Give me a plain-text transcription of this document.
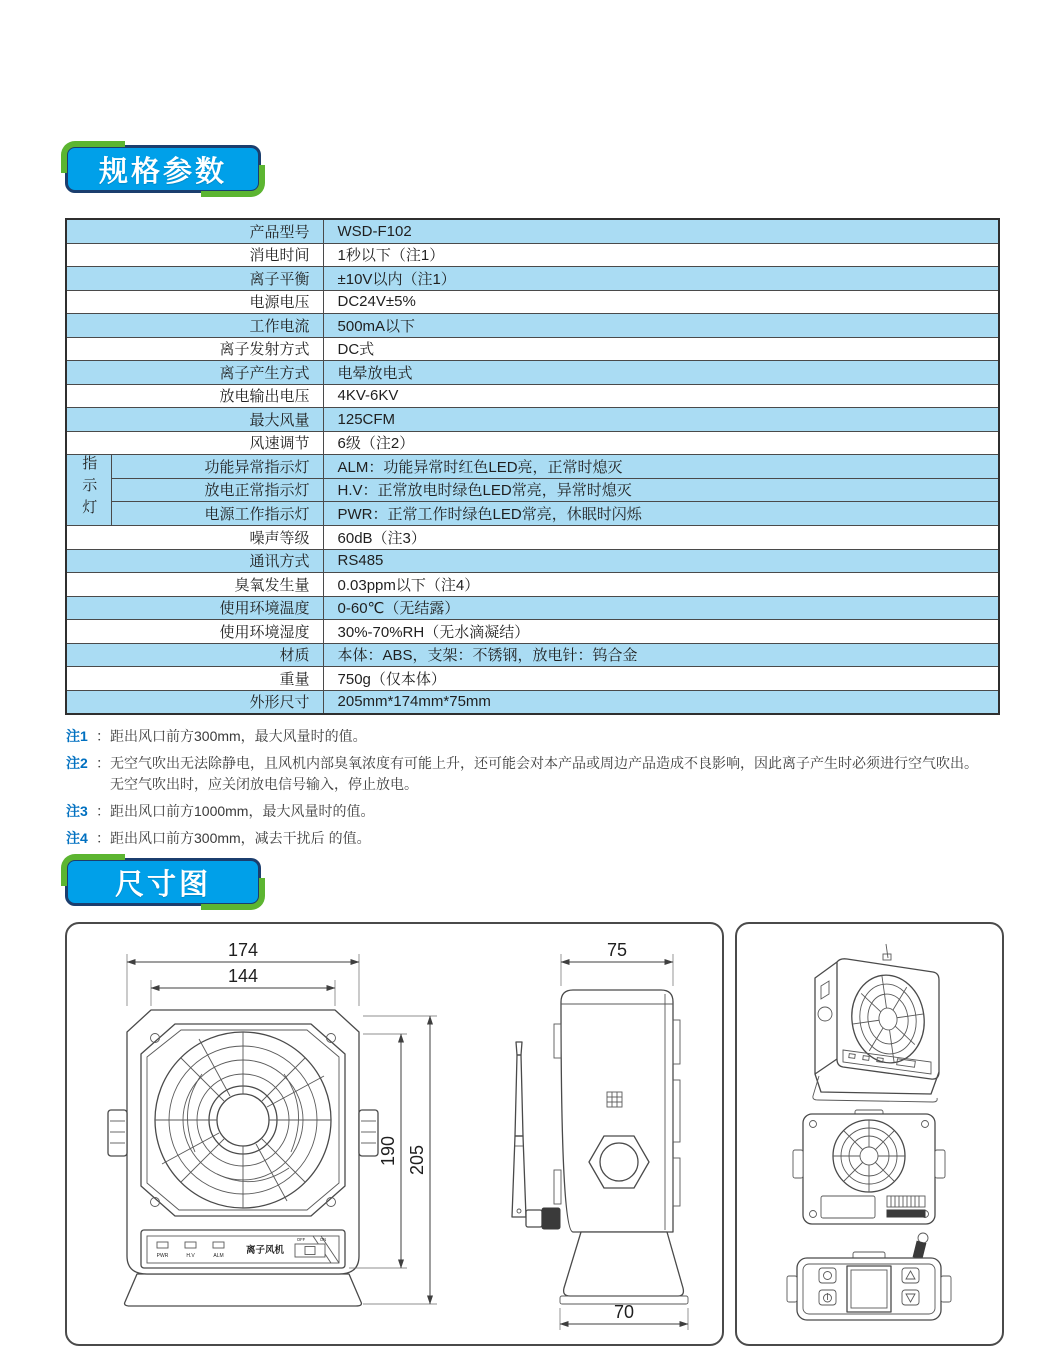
规格参数
产品型号		WSD-F102
消电时间		1秒以下（注1）
离子平衡		±10V以内（注1）
电源电压		DC24V±5%
工作电流		500mA以下
离子发射方式		DC式
离子产生方式		电晕放电式
放电输出电压		4KV-6KV
最大风量		125CFM
风速调节		6级（注2）
指示灯	功能异常指示灯	ALM：功能异常时红色LED亮，正常时熄灭
	放电正常指示灯	H.V：正常放电时绿色LED常亮，异常时熄灭
	电源工作指示灯	PWR：正常工作时绿色LED常亮，休眠时闪烁
噪声等级		60dB（注3）
通讯方式		RS485
臭氧发生量		0.03ppm以下（注4）
使用环境温度		0-60℃（无结露）
使用环境湿度		30%-70%RH（无水滴凝结）
材质		本体：ABS，支架：不锈钢，放电针：钨合金
重量		750g（仅本体）
外形尺寸		205mm*174mm*75mm
注1 ：距出风口前方300mm，最大风量时的值。
注2 ：无空气吹出无法除静电，且风机内部臭氧浓度有可能上升，还可能会对本产品或周边产品造成不良影响，因此离子产生时必须进行空气吹出。
无空气吹出时，应关闭放电信号输入，停止放电。
注3 ：距出风口前方1000mm，最大风量时的值。
注4 ：距出风口前方300mm，减去干扰后 的值。
尺寸图
PWR	H.V	ALM 离子风机
OFF	ON
174
144
190 205
75
70
